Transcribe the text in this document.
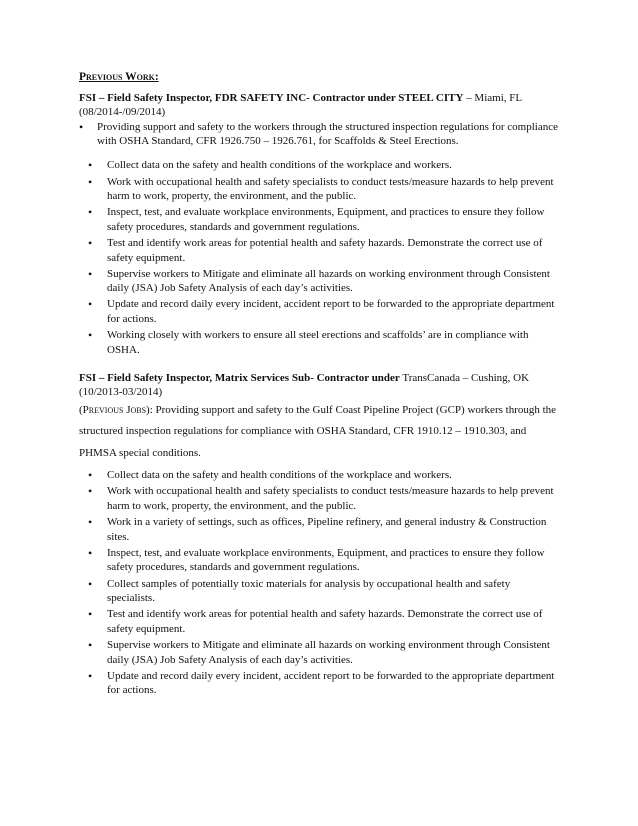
Previous Work:

FSI – Field Safety Inspector, FDR SAFETY INC- Contractor under STEEL CITY – Miami, FL

(08/2014-/09/2014)

• Providing support and safety to the workers through the structured inspection regulations for compliance with OSHA Standard, CFR 1926.750 – 1926.761, for Scaffolds & Steel Erections.
• Collect data on the safety and health conditions of the workplace and workers.
• Work with occupational health and safety specialists to conduct tests/measure hazards to help prevent harm to work, property, the environment, and the public.
• Inspect, test, and evaluate workplace environments, Equipment, and practices to ensure they follow safety procedures, standards and government regulations.
• Test and identify work areas for potential health and safety hazards. Demonstrate the correct use of safety equipment.
• Supervise workers to Mitigate and eliminate all hazards on working environment through Consistent daily (JSA) Job Safety Analysis of each day’s activities.
• Update and record daily every incident, accident report to be forwarded to the appropriate department for actions.
• Working closely with workers to ensure all steel erections and scaffolds’ are in compliance with OSHA.

FSI – Field Safety Inspector, Matrix Services Sub- Contractor under TransCanada – Cushing, OK

(10/2013-03/2014)

(Previous Jobs): Providing support and safety to the Gulf Coast Pipeline Project (GCP) workers through the structured inspection regulations for compliance with OSHA Standard, CFR 1910.12 – 1910.303, and PHMSA special conditions.

• Collect data on the safety and health conditions of the workplace and workers.
• Work with occupational health and safety specialists to conduct tests/measure hazards to help prevent harm to work, property, the environment, and the public.
• Work in a variety of settings, such as offices, Pipeline refinery, and general industry & Construction sites.
• Inspect, test, and evaluate workplace environments, Equipment, and practices to ensure they follow safety procedures, standards and government regulations.
• Collect samples of potentially toxic materials for analysis by occupational health and safety specialists.
• Test and identify work areas for potential health and safety hazards. Demonstrate the correct use of safety equipment.
• Supervise workers to Mitigate and eliminate all hazards on working environment through Consistent daily (JSA) Job Safety Analysis of each day’s activities.
• Update and record daily every incident, accident report to be forwarded to the appropriate department for actions.
